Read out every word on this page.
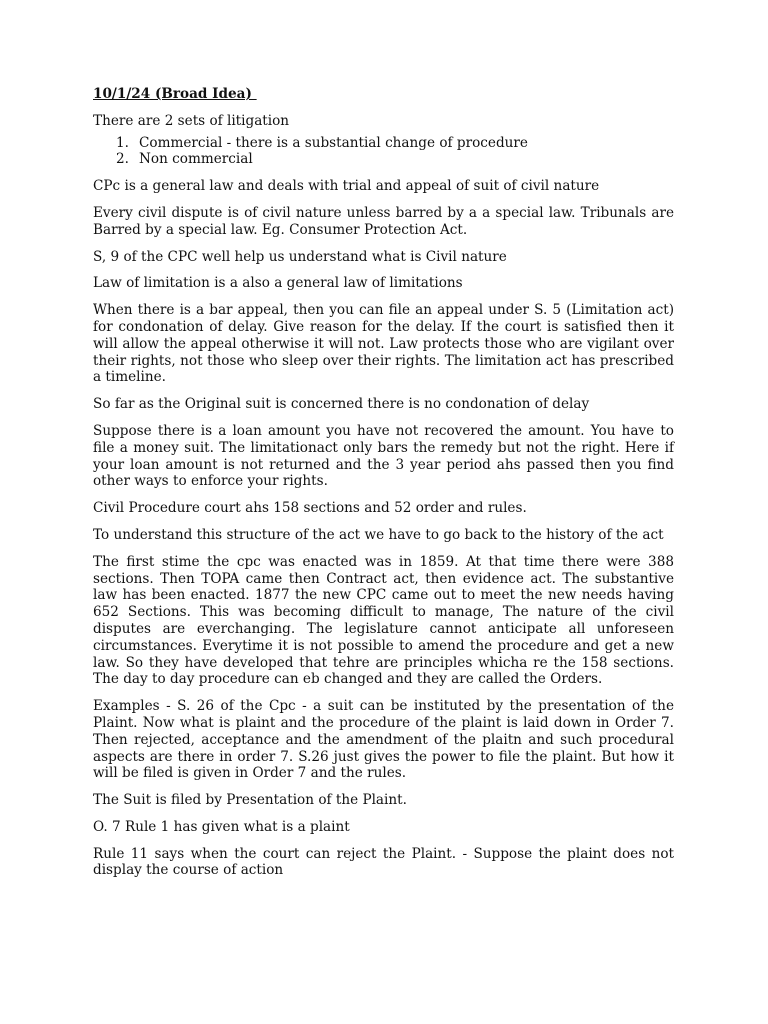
10/1/24 (Broad Idea)

There are 2 sets of litigation

1. Commercial - there is a substantial change of procedure
2. Non commercial

CPc is a general law and deals with trial and appeal of suit of civil nature

Every civil dispute is of civil nature unless barred by a a special law. Tribunals are Barred by a special law. Eg. Consumer Protection Act.

S, 9 of the CPC well help us understand what is Civil nature

Law of limitation is a also a general law of limitations

When there is a bar appeal, then you can file an appeal under S. 5 (Limitation act) for condonation of delay. Give reason for the delay. If the court is satisfied then it will allow the appeal otherwise it will not. Law protects those who are vigilant over their rights, not those who sleep over their rights. The limitation act has prescribed a timeline.

So far as the Original suit is concerned there is no condonation of delay

Suppose there is a loan amount you have not recovered the amount. You have to file a money suit. The limitationact only bars the remedy but not the right. Here if your loan amount is not returned and the 3 year period ahs passed then you find other ways to enforce your rights.

Civil Procedure court ahs 158 sections and 52 order and rules.

To understand this structure of the act we have to go back to the history of the act

The first stime the cpc was enacted was in 1859. At that time there were 388 sections. Then TOPA came then Contract act, then evidence act. The substantive law has been enacted. 1877 the new CPC came out to meet the new needs having 652 Sections. This was becoming difficult to manage, The nature of the civil disputes are everchanging. The legislature cannot anticipate all unforeseen circumstances. Everytime it is not possible to amend the procedure and get a new law. So they have developed that tehre are principles whicha re the 158 sections. The day to day procedure can eb changed and they are called the Orders.

Examples - S. 26 of the Cpc - a suit can be instituted by the presentation of the Plaint. Now what is plaint and the procedure of the plaint is laid down in Order 7. Then rejected, acceptance and the amendment of the plaitn and such procedural aspects are there in order 7. S.26 just gives the power to file the plaint. But how it will be filed is given in Order 7 and the rules.

The Suit is filed by Presentation of the Plaint.

O. 7 Rule 1 has given what is a plaint

Rule 11 says when the court can reject the Plaint. - Suppose the plaint does not display the course of action
